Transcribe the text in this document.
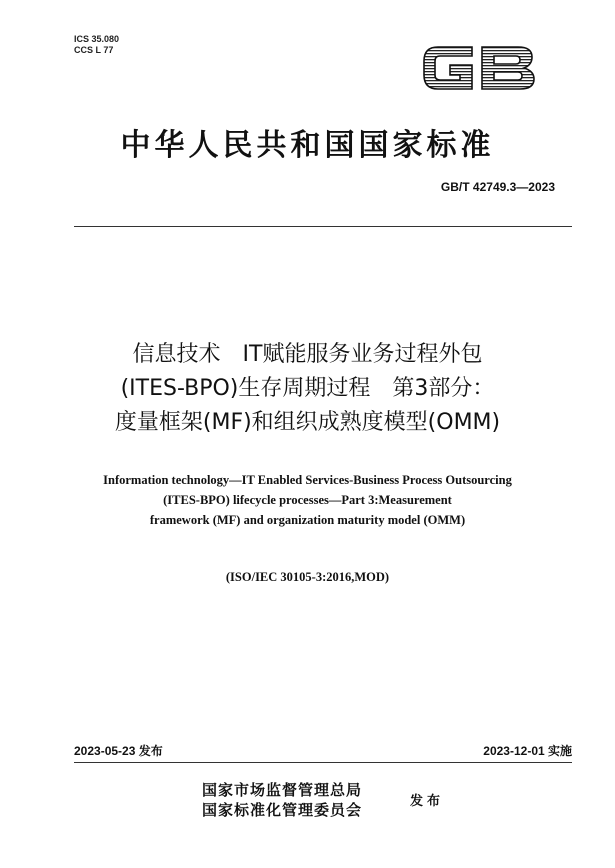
ICS 35.080
CCS L 77
中华人民共和国国家标准
GB/T 42749.3—2023
信息技术　IT赋能服务业务过程外包
(ITES-BPO)生存周期过程　第3部分：
度量框架(MF)和组织成熟度模型(OMM)
Information technology—IT Enabled Services-Business Process Outsourcing
(ITES-BPO) lifecycle processes—Part 3:Measurement
framework (MF) and organization maturity model (OMM)
(ISO/IEC 30105-3:2016,MOD)
2023-05-23 发布	2023-12-01 实施
国家市场监督管理总局
国家标准化管理委员会	发布
